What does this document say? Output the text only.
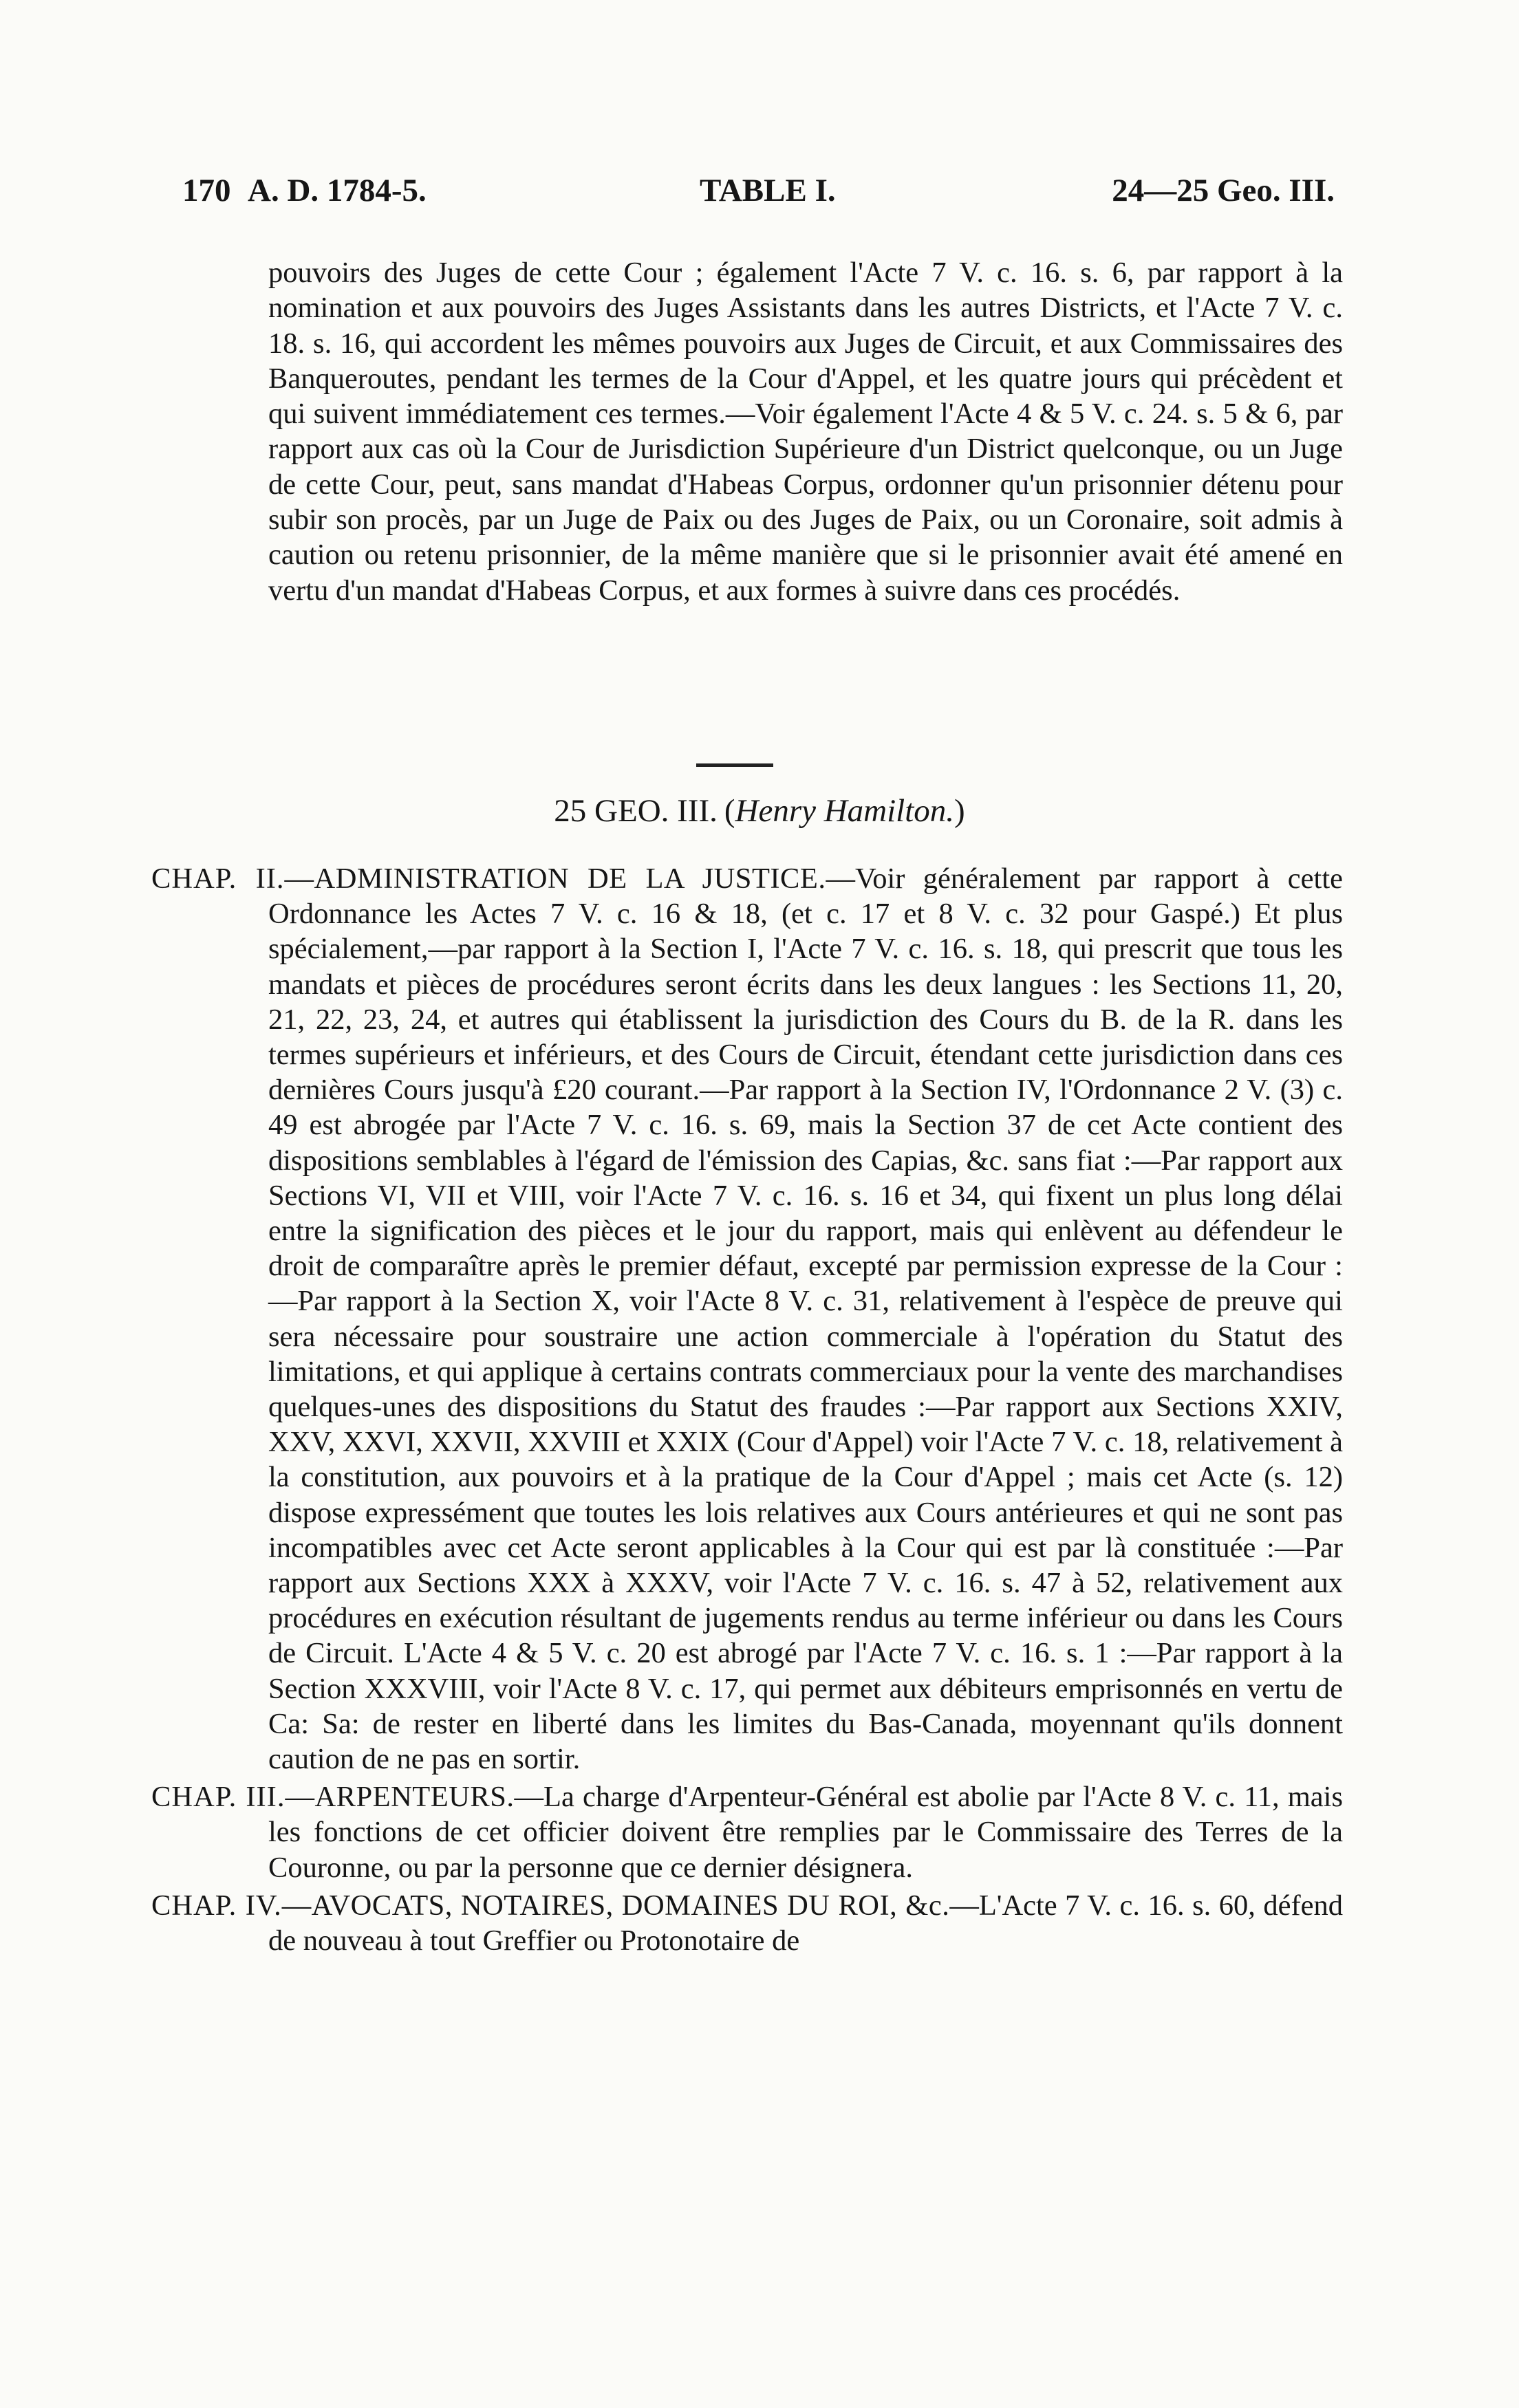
170 A. D. 1784-5.	TABLE I.	24—25 Geo. III.

pouvoirs des Juges de cette Cour ; également l'Acte 7 V. c. 16. s. 6, par rapport à la nomination et aux pouvoirs des Juges Assistants dans les autres Districts, et l'Acte 7 V. c. 18. s. 16, qui accordent les mêmes pouvoirs aux Juges de Circuit, et aux Commissaires des Banqueroutes, pendant les termes de la Cour d'Appel, et les quatre jours qui précèdent et qui suivent immédiatement ces termes.—Voir également l'Acte 4 & 5 V. c. 24. s. 5 & 6, par rapport aux cas où la Cour de Jurisdiction Supérieure d'un District quelconque, ou un Juge de cette Cour, peut, sans mandat d'Habeas Corpus, ordonner qu'un prisonnier détenu pour subir son procès, par un Juge de Paix ou des Juges de Paix, ou un Coronaire, soit admis à caution ou retenu prisonnier, de la même manière que si le prisonnier avait été amené en vertu d'un mandat d'Habeas Corpus, et aux formes à suivre dans ces procédés.

25 GEO. III. (Henry Hamilton.)

CHAP. II.—ADMINISTRATION DE LA JUSTICE.—Voir généralement par rapport à cette Ordonnance les Actes 7 V. c. 16 & 18, (et c. 17 et 8 V. c. 32 pour Gaspé.) Et plus spécialement,—par rapport à la Section I, l'Acte 7 V. c. 16. s. 18, qui prescrit que tous les mandats et pièces de procédures seront écrits dans les deux langues : les Sections 11, 20, 21, 22, 23, 24, et autres qui établissent la jurisdiction des Cours du B. de la R. dans les termes supérieurs et inférieurs, et des Cours de Circuit, étendant cette jurisdiction dans ces dernières Cours jusqu'à £20 courant.—Par rapport à la Section IV, l'Ordonnance 2 V. (3) c. 49 est abrogée par l'Acte 7 V. c. 16. s. 69, mais la Section 37 de cet Acte contient des dispositions semblables à l'égard de l'émission des Capias, &c. sans fiat :—Par rapport aux Sections VI, VII et VIII, voir l'Acte 7 V. c. 16. s. 16 et 34, qui fixent un plus long délai entre la signification des pièces et le jour du rapport, mais qui enlèvent au défendeur le droit de comparaître après le premier défaut, excepté par permission expresse de la Cour :—Par rapport à la Section X, voir l'Acte 8 V. c. 31, relativement à l'espèce de preuve qui sera nécessaire pour soustraire une action commerciale à l'opération du Statut des limitations, et qui applique à certains contrats commerciaux pour la vente des marchandises quelques-unes des dispositions du Statut des fraudes :—Par rapport aux Sections XXIV, XXV, XXVI, XXVII, XXVIII et XXIX (Cour d'Appel) voir l'Acte 7 V. c. 18, relativement à la constitution, aux pouvoirs et à la pratique de la Cour d'Appel ; mais cet Acte (s. 12) dispose expressément que toutes les lois relatives aux Cours antérieures et qui ne sont pas incompatibles avec cet Acte seront applicables à la Cour qui est par là constituée :—Par rapport aux Sections XXX à XXXV, voir l'Acte 7 V. c. 16. s. 47 à 52, relativement aux procédures en exécution résultant de jugements rendus au terme inférieur ou dans les Cours de Circuit. L'Acte 4 & 5 V. c. 20 est abrogé par l'Acte 7 V. c. 16. s. 1 :—Par rapport à la Section XXXVIII, voir l'Acte 8 V. c. 17, qui permet aux débiteurs emprisonnés en vertu de Ca: Sa: de rester en liberté dans les limites du Bas-Canada, moyennant qu'ils donnent caution de ne pas en sortir.

CHAP. III.—ARPENTEURS.—La charge d'Arpenteur-Général est abolie par l'Acte 8 V. c. 11, mais les fonctions de cet officier doivent être remplies par le Commissaire des Terres de la Couronne, ou par la personne que ce dernier désignera.

CHAP. IV.—AVOCATS, NOTAIRES, DOMAINES DU ROI, &c.—L'Acte 7 V. c. 16. s. 60, défend de nouveau à tout Greffier ou Protonotaire de
